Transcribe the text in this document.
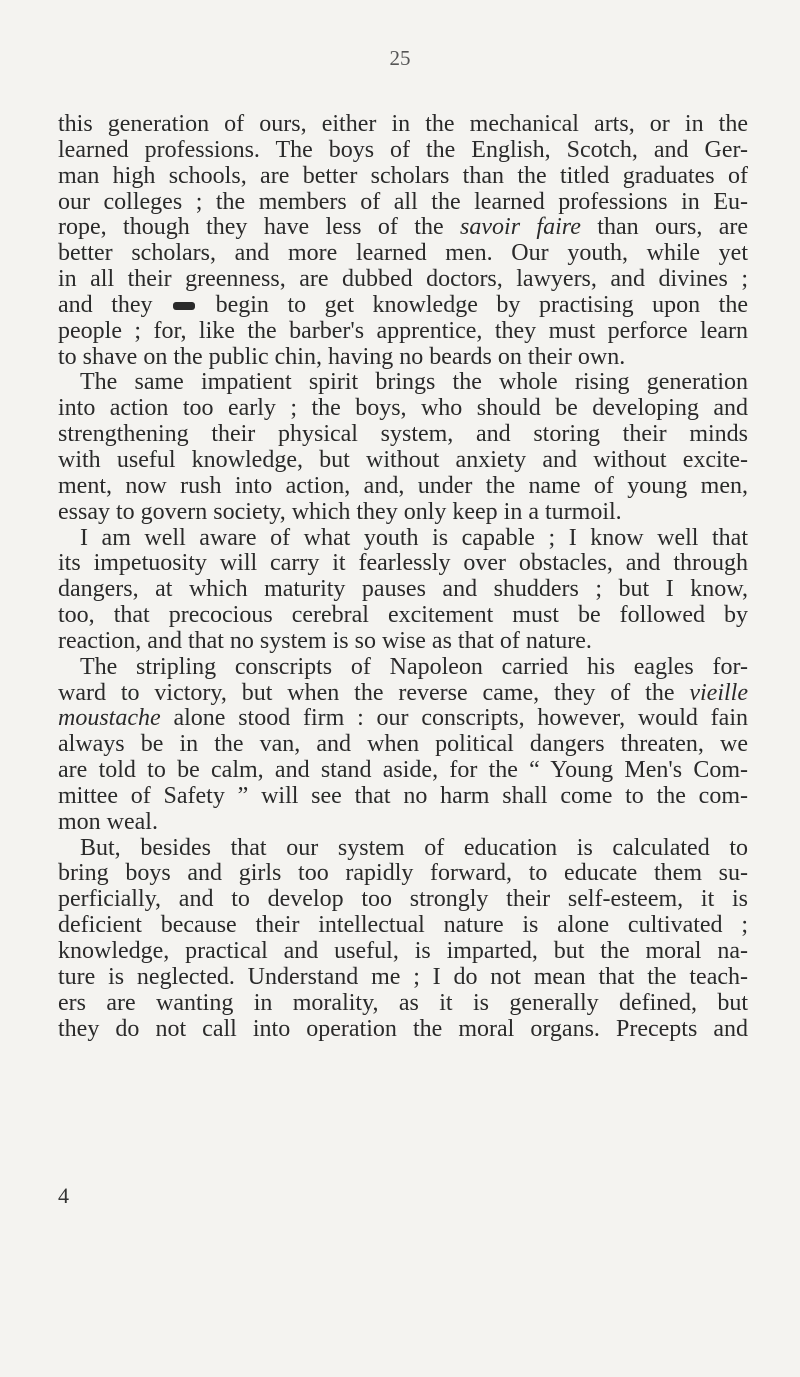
25
this generation of ours, either in the mechanical arts, or in the
learned professions. The boys of the English, Scotch, and Ger-
man high schools, are better scholars than the titled graduates of
our colleges ; the members of all the learned professions in Eu-
rope, though they have less of the savoir faire than ours, are
better scholars, and more learned men. Our youth, while yet
in all their greenness, are dubbed doctors, lawyers, and divines ;
and they  begin to get knowledge by practising upon the
people ; for, like the barber's apprentice, they must perforce learn
to shave on the public chin, having no beards on their own.
The same impatient spirit brings the whole rising generation
into action too early ; the boys, who should be developing and
strengthening their physical system, and storing their minds
with useful knowledge, but without anxiety and without excite-
ment, now rush into action, and, under the name of young men,
essay to govern society, which they only keep in a turmoil.
I am well aware of what youth is capable ; I know well that
its impetuosity will carry it fearlessly over obstacles, and through
dangers, at which maturity pauses and shudders ; but I know,
too, that precocious cerebral excitement must be followed by
reaction, and that no system is so wise as that of nature.
The stripling conscripts of Napoleon carried his eagles for-
ward to victory, but when the reverse came, they of the vieille
moustache alone stood firm : our conscripts, however, would fain
always be in the van, and when political dangers threaten, we
are told to be calm, and stand aside, for the “ Young Men's Com-
mittee of Safety ” will see that no harm shall come to the com-
mon weal.
But, besides that our system of education is calculated to
bring boys and girls too rapidly forward, to educate them su-
perficially, and to develop too strongly their self-esteem, it is
deficient because their intellectual nature is alone cultivated ;
knowledge, practical and useful, is imparted, but the moral na-
ture is neglected. Understand me ; I do not mean that the teach-
ers are wanting in morality, as it is generally defined, but
they do not call into operation the moral organs. Precepts and
4
